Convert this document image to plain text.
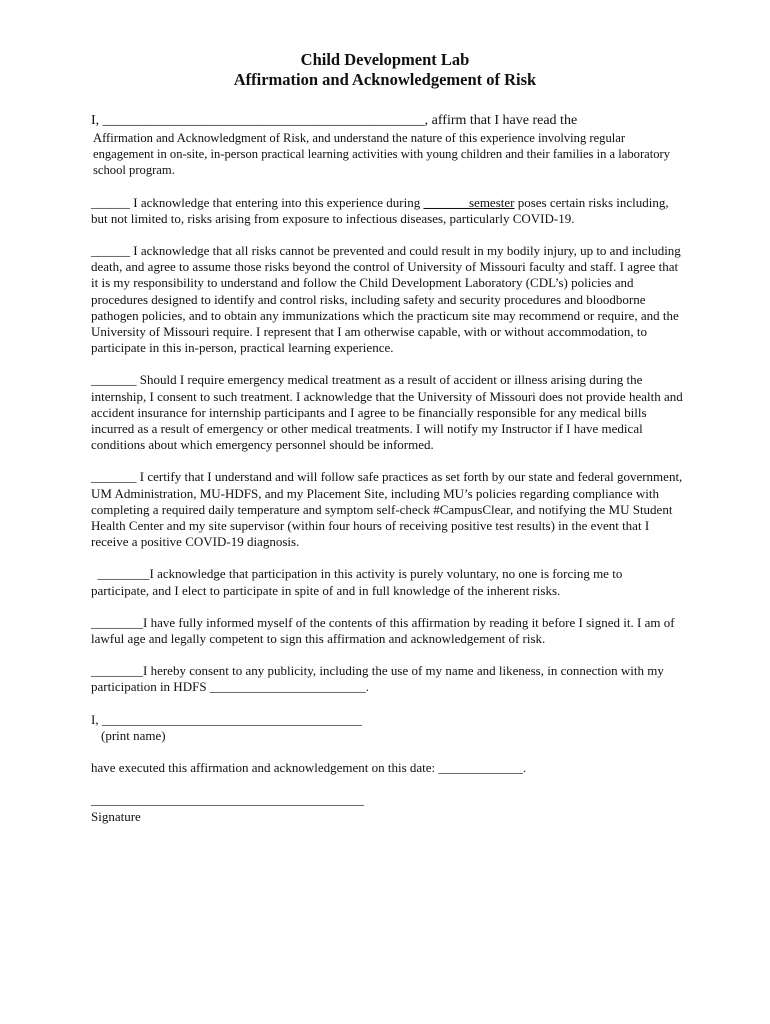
Child Development Lab
Affirmation and Acknowledgement of Risk
I, ______________________________________________, affirm that I have read the
Affirmation and Acknowledgment of Risk, and understand the nature of this experience involving regular engagement in on-site, in-person practical learning activities with young children and their families in a laboratory school program.

______ I acknowledge that entering into this experience during _______semester poses certain risks including, but not limited to, risks arising from exposure to infectious diseases, particularly COVID-19.

______ I acknowledge that all risks cannot be prevented and could result in my bodily injury, up to and including death, and agree to assume those risks beyond the control of University of Missouri faculty and staff. I agree that it is my responsibility to understand and follow the Child Development Laboratory (CDL’s) policies and procedures designed to identify and control risks, including safety and security procedures and bloodborne pathogen policies, and to obtain any immunizations which the practicum site may recommend or require, and the University of Missouri require. I represent that I am otherwise capable, with or without accommodation, to participate in this in-person, practical learning experience.

_______ Should I require emergency medical treatment as a result of accident or illness arising during the internship, I consent to such treatment. I acknowledge that the University of Missouri does not provide health and accident insurance for internship participants and I agree to be financially responsible for any medical bills incurred as a result of emergency or other medical treatments. I will notify my Instructor if I have medical conditions about which emergency personnel should be informed.

_______ I certify that I understand and will follow safe practices as set forth by our state and federal government, UM Administration, MU-HDFS, and my Placement Site, including MU’s policies regarding compliance with completing a required daily temperature and symptom self-check #CampusClear, and notifying the MU Student Health Center and my site supervisor (within four hours of receiving positive test results) in the event that I receive a positive COVID-19 diagnosis.

________I acknowledge that participation in this activity is purely voluntary, no one is forcing me to participate, and I elect to participate in spite of and in full knowledge of the inherent risks.

________I have fully informed myself of the contents of this affirmation by reading it before I signed it. I am of lawful age and legally competent to sign this affirmation and acknowledgement of risk.

________I hereby consent to any publicity, including the use of my name and likeness, in connection with my participation in HDFS ________________________.

I, ________________________________________
(print name)
have executed this affirmation and acknowledgement on this date: _____________.
__________________________________________
Signature
